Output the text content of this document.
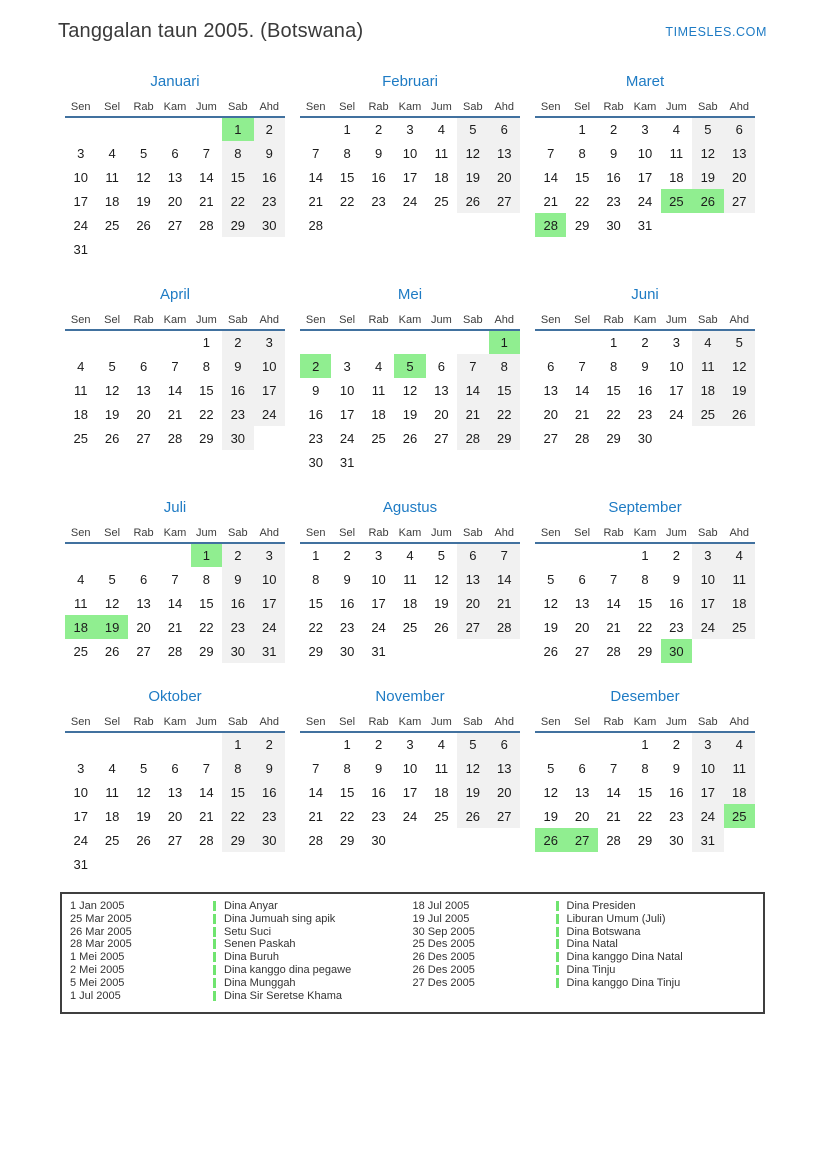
Tanggalan taun 2005. (Botswana)	TIMESLES.COM
Januari
Sen	Sel	Rab	Kam	Jum	Sab	Ahd
					1	2
3	4	5	6	7	8	9
10	11	12	13	14	15	16
17	18	19	20	21	22	23
24	25	26	27	28	29	30
31						
Februari
Sen	Sel	Rab	Kam	Jum	Sab	Ahd
	1	2	3	4	5	6
7	8	9	10	11	12	13
14	15	16	17	18	19	20
21	22	23	24	25	26	27
28						
Maret
Sen	Sel	Rab	Kam	Jum	Sab	Ahd
	1	2	3	4	5	6
7	8	9	10	11	12	13
14	15	16	17	18	19	20
21	22	23	24	25	26	27
28	29	30	31			
April
Sen	Sel	Rab	Kam	Jum	Sab	Ahd
				1	2	3
4	5	6	7	8	9	10
11	12	13	14	15	16	17
18	19	20	21	22	23	24
25	26	27	28	29	30	
Mei
Sen	Sel	Rab	Kam	Jum	Sab	Ahd
						1
2	3	4	5	6	7	8
9	10	11	12	13	14	15
16	17	18	19	20	21	22
23	24	25	26	27	28	29
30	31					
Juni
Sen	Sel	Rab	Kam	Jum	Sab	Ahd
		1	2	3	4	5
6	7	8	9	10	11	12
13	14	15	16	17	18	19
20	21	22	23	24	25	26
27	28	29	30			
Juli
Sen	Sel	Rab	Kam	Jum	Sab	Ahd
				1	2	3
4	5	6	7	8	9	10
11	12	13	14	15	16	17
18	19	20	21	22	23	24
25	26	27	28	29	30	31
Agustus
Sen	Sel	Rab	Kam	Jum	Sab	Ahd
1	2	3	4	5	6	7
8	9	10	11	12	13	14
15	16	17	18	19	20	21
22	23	24	25	26	27	28
29	30	31				
September
Sen	Sel	Rab	Kam	Jum	Sab	Ahd
			1	2	3	4
5	6	7	8	9	10	11
12	13	14	15	16	17	18
19	20	21	22	23	24	25
26	27	28	29	30		
Oktober
Sen	Sel	Rab	Kam	Jum	Sab	Ahd
					1	2
3	4	5	6	7	8	9
10	11	12	13	14	15	16
17	18	19	20	21	22	23
24	25	26	27	28	29	30
31						
November
Sen	Sel	Rab	Kam	Jum	Sab	Ahd
	1	2	3	4	5	6
7	8	9	10	11	12	13
14	15	16	17	18	19	20
21	22	23	24	25	26	27
28	29	30				
Desember
Sen	Sel	Rab	Kam	Jum	Sab	Ahd
			1	2	3	4
5	6	7	8	9	10	11
12	13	14	15	16	17	18
19	20	21	22	23	24	25
26	27	28	29	30	31	
1 Jan 2005	Dina Anyar
25 Mar 2005	Dina Jumuah sing apik
26 Mar 2005	Setu Suci
28 Mar 2005	Senen Paskah
1 Mei 2005	Dina Buruh
2 Mei 2005	Dina kanggo dina pegawe
5 Mei 2005	Dina Munggah
1 Jul 2005	Dina Sir Seretse Khama
18 Jul 2005	Dina Presiden
19 Jul 2005	Liburan Umum (Juli)
30 Sep 2005	Dina Botswana
25 Des 2005	Dina Natal
26 Des 2005	Dina kanggo Dina Natal
26 Des 2005	Dina Tinju
27 Des 2005	Dina kanggo Dina Tinju
